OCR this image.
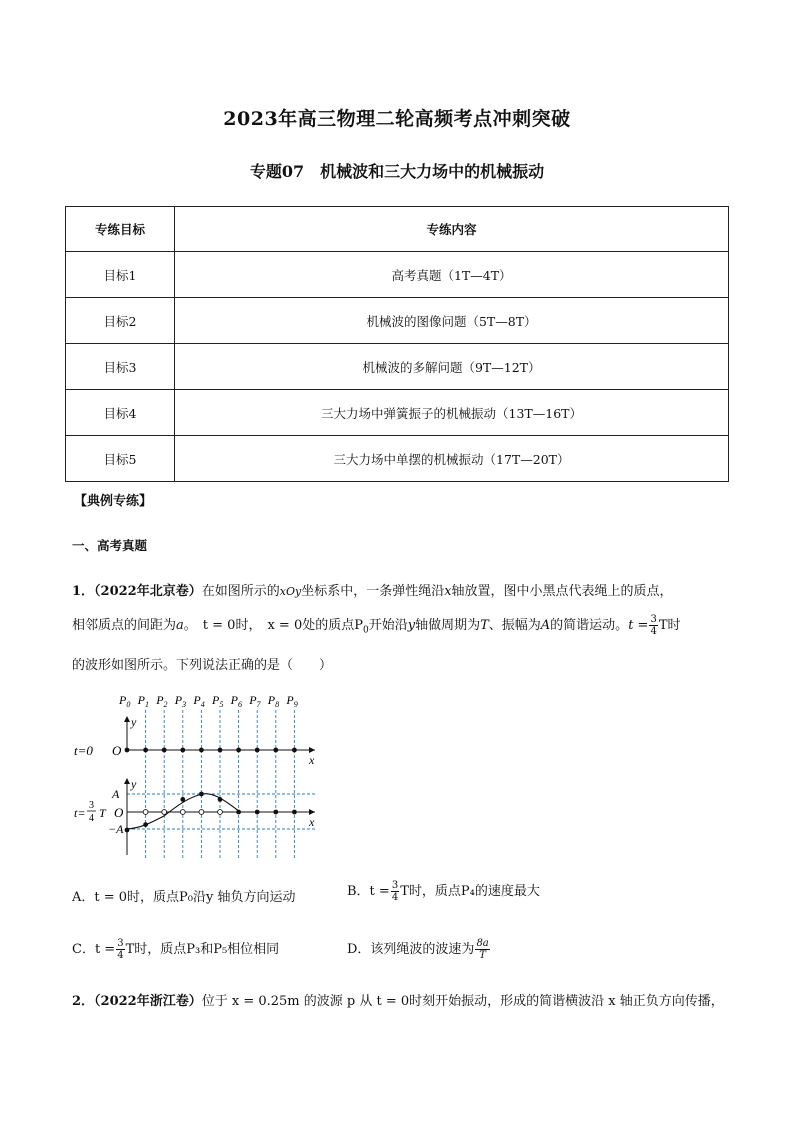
2023年高三物理二轮高频考点冲刺突破
专题07　机械波和三大力场中的机械振动
专练目标	专练内容
目标1	高考真题（1T—4T）
目标2	机械波的图像问题（5T—8T）
目标3	机械波的多解问题（9T—12T）
目标4	三大力场中弹簧振子的机械振动（13T—16T）
目标5	三大力场中单摆的机械振动（17T—20T）
【典例专练】
一、高考真题
1．（2022年北京卷）在如图所示的xOy坐标系中，一条弹性绳沿x轴放置，图中小黑点代表绳上的质点，
相邻质点的间距为a。 t = 0时， x = 0处的质点$P_0$开始沿y轴做周期为T、振幅为A的简谐运动。$t = \frac{3}{4}$ T时
的波形如图所示。下列说法正确的是（　　）
$P_0$ $P_1$ $P_2$ $P_3$ $P_4$ $P_5$ $P_6$ $P_7$ $P_8$ $P_9$
t=0 O
x
y
x
y
A
−A
O
t=
3
4 T
A．t = 0时，质点P₀沿y 轴负方向运动	B．$t = \frac{3}{4}$ T时，质点P₄的速度最大
C．$t = \frac{3}{4}$ T时，质点P₃和P₅相位相同	D．该列绳波的波速为 $\frac{8a}{T}$
2．（2022年浙江卷）位于 x = 0.25m 的波源 p 从 t = 0时刻开始振动，形成的简谐横波沿 x 轴正负方向传播，
